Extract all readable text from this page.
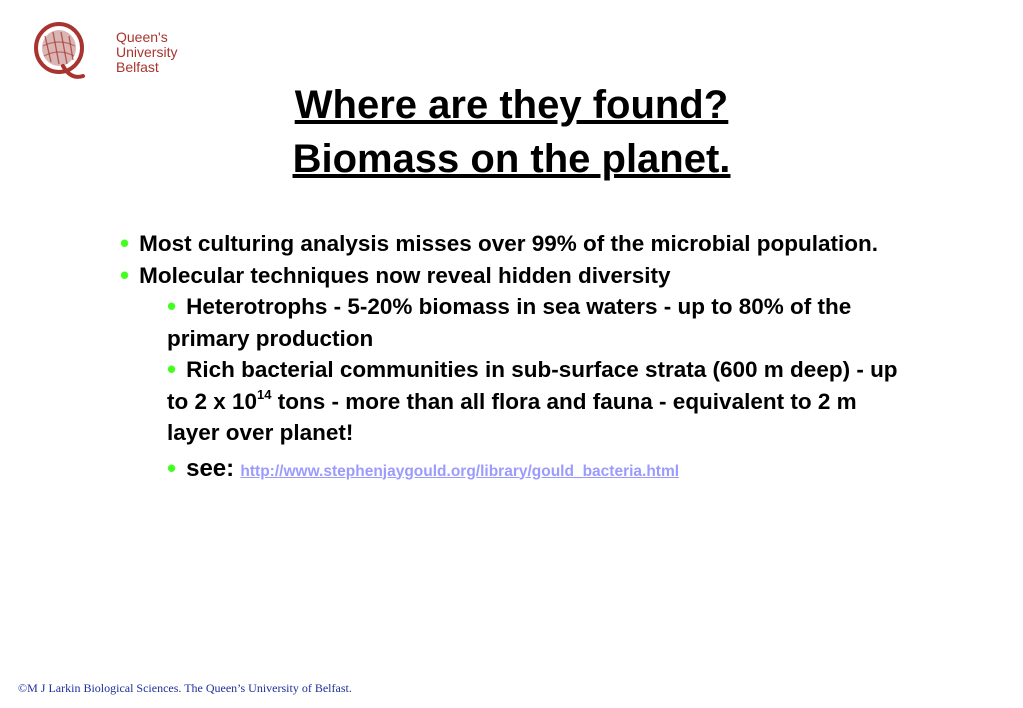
Queen's University
Belfast
Where are they found?
Biomass on the planet.
• Most culturing analysis misses over 99% of the microbial population.
• Molecular techniques now reveal hidden diversity
• Heterotrophs - 5-20% biomass in sea waters - up to 80% of the primary production
• Rich bacterial communities in sub-surface strata (600 m deep) - up to 2 x $10^{14}$ tons - more than all flora and fauna - equivalent to 2 m layer over planet!
• see: http://www.stephenjaygould.org/library/gould_bacteria.html
©M J Larkin Biological Sciences. The Queen’s University of Belfast.
